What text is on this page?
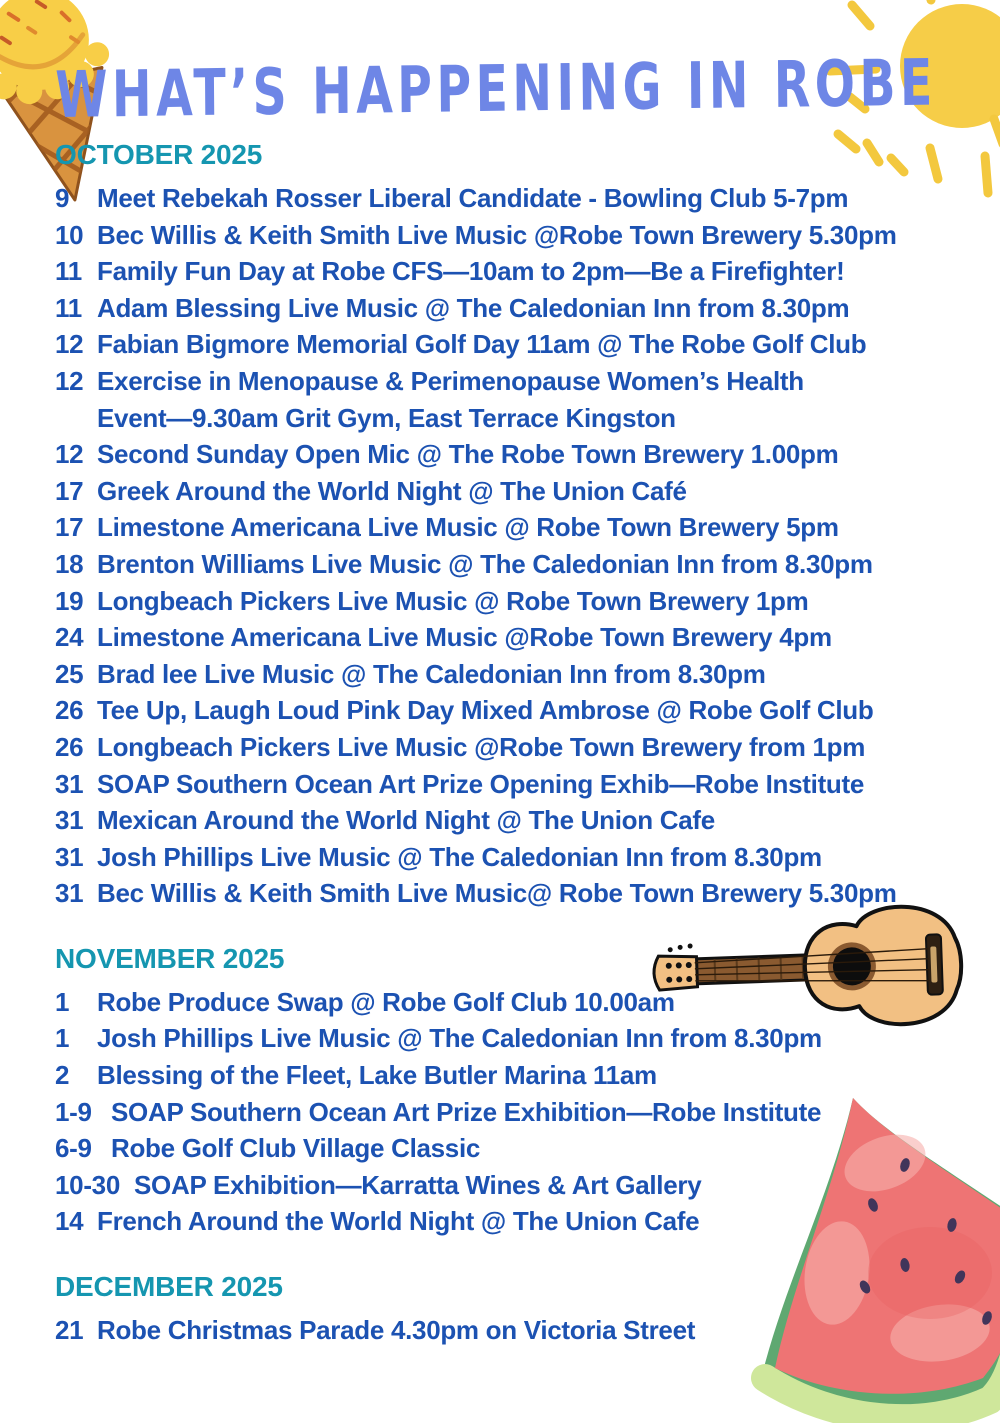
WHAT’S HAPPENING IN ROBE
OCTOBER 2025
9	Meet Rebekah Rosser Liberal Candidate - Bowling Club 5-7pm
10 Bec Willis & Keith Smith Live Music @Robe Town Brewery 5.30pm
11 Family Fun Day at Robe CFS—10am to 2pm—Be a Firefighter!
11 Adam Blessing Live Music @ The Caledonian Inn from 8.30pm
12 Fabian Bigmore Memorial Golf Day 11am @ The Robe Golf Club
12 Exercise in Menopause & Perimenopause Women’s Health
Event—9.30am Grit Gym, East Terrace Kingston
12 Second Sunday Open Mic @ The Robe Town Brewery 1.00pm
17 Greek Around the World Night @ The Union Café
17 Limestone Americana Live Music @ Robe Town Brewery 5pm
18 Brenton Williams Live Music @ The Caledonian Inn from 8.30pm
19 Longbeach Pickers Live Music @ Robe Town Brewery 1pm
24 Limestone Americana Live Music @Robe Town Brewery 4pm
25 Brad lee Live Music @ The Caledonian Inn from 8.30pm
26 Tee Up, Laugh Loud Pink Day Mixed Ambrose @ Robe Golf Club
26 Longbeach Pickers Live Music @Robe Town Brewery from 1pm
31 SOAP Southern Ocean Art Prize Opening Exhib—Robe Institute
31 Mexican Around the World Night @ The Union Cafe
31 Josh Phillips Live Music @ The Caledonian Inn from 8.30pm
31 Bec Willis & Keith Smith Live Music@ Robe Town Brewery 5.30pm
NOVEMBER 2025
1	Robe Produce Swap @ Robe Golf Club 10.00am
1	Josh Phillips Live Music @ The Caledonian Inn from 8.30pm
2	Blessing of the Fleet, Lake Butler Marina 11am
1-9 SOAP Southern Ocean Art Prize Exhibition—Robe Institute
6-9 Robe Golf Club Village Classic
10-30 SOAP Exhibition—Karratta Wines & Art Gallery
14 French Around the World Night @ The Union Cafe
DECEMBER 2025
21 Robe Christmas Parade 4.30pm on Victoria Street
